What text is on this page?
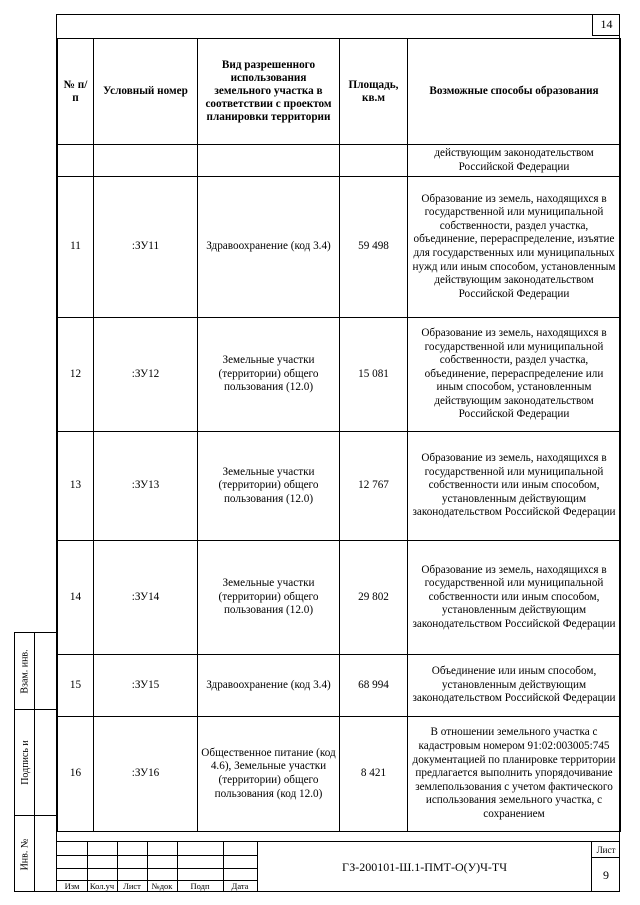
14
№ п/п	Условный номер	Вид разрешенного использования земельного участка в соответствии с проектом планировки территории	Площадь, кв.м	Возможные способы образования
				действующим законодательством Российской Федерации
11	:ЗУ11	Здравоохранение (код 3.4)	59 498	Образование из земель, находящихся в государственной или муниципальной собственности, раздел участка, объединение, перераспределение, изъятие для государственных или муниципальных нужд или иным способом, установленным действующим законодательством Российской Федерации
12	:ЗУ12	Земельные участки (территории) общего пользования (12.0)	15 081	Образование из земель, находящихся в государственной или муниципальной собственности, раздел участка, объединение, перераспределение или иным способом, установленным действующим законодательством Российской Федерации
13	:ЗУ13	Земельные участки (территории) общего пользования (12.0)	12 767	Образование из земель, находящихся в государственной или муниципальной собственности или иным способом, установленным действующим законодательством Российской Федерации
14	:ЗУ14	Земельные участки (территории) общего пользования (12.0)	29 802	Образование из земель, находящихся в государственной или муниципальной собственности или иным способом, установленным действующим законодательством Российской Федерации
15	:ЗУ15	Здравоохранение (код 3.4)	68 994	Объединение или иным способом, установленным действующим законодательством Российской Федерации
16	:ЗУ16	Общественное питание (код 4.6), Земельные участки (территории) общего пользования (код 12.0)	8 421	В отношении земельного участка с кадастровым номером 91:02:003005:745 документацией по планировке территории предлагается выполнить упорядочивание землепользования с учетом фактического использования земельного участка, с сохранением
Взам. инв.
Подпись и
Инв. №
Изм	Кол.уч	Лист	№док	Подп	Дата
ГЗ-200101-Ш.1-ПМТ-О(У)Ч-ТЧ
Лист
9
